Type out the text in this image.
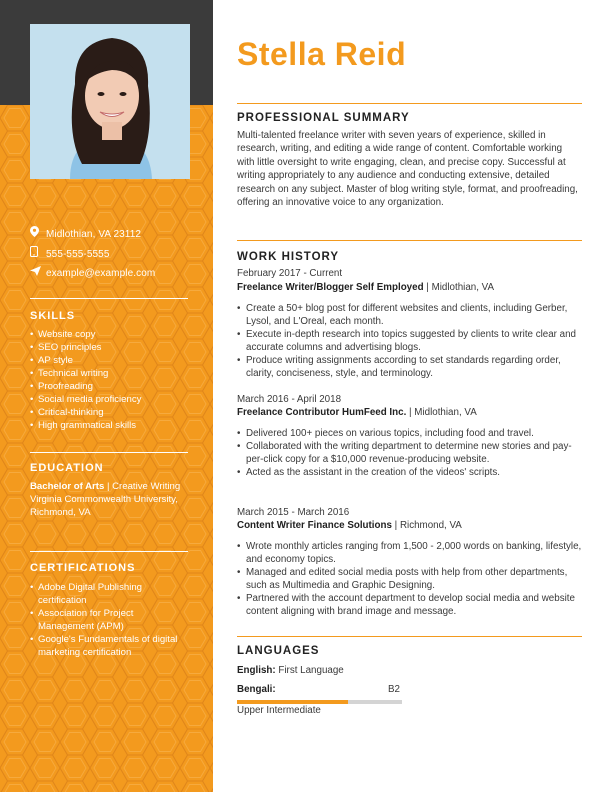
Midlothian, VA 23112
555-555-5555
example@example.com
SKILLS
• Website copy
• SEO principles
• AP style
• Technical writing
• Proofreading
• Social media proficiency
• Critical-thinking
• High grammatical skills
EDUCATION
Bachelor of Arts | Creative Writing
Virginia Commonwealth University, Richmond, VA
CERTIFICATIONS
• Adobe Digital Publishing certification
• Association for Project Management (APM)
• Google's Fundamentals of digital marketing certification
Stella Reid
PROFESSIONAL SUMMARY
Multi-talented freelance writer with seven years of experience, skilled in research, writing, and editing a wide range of content. Comfortable working with little oversight to write engaging, clean, and precise copy. Successful at writing appropriately to any audience and conducting extensive, detailed research on any subject. Master of blog writing style, format, and proofreading, offering an innovative voice to any organization.
WORK HISTORY
February 2017 - Current
Freelance Writer/Blogger Self Employed | Midlothian, VA
• Create a 50+ blog post for different websites and clients, including Gerber, Lysol, and L'Oreal, each month.
• Execute in-depth research into topics suggested by clients to write clear and accurate columns and advertising blogs.
• Produce writing assignments according to set standards regarding order, clarity, conciseness, style, and terminology.
March 2016 - April 2018
Freelance Contributor HumFeed Inc. | Midlothian, VA
• Delivered 100+ pieces on various topics, including food and travel.
• Collaborated with the writing department to determine new stories and pay-per-click copy for a $10,000 revenue-producing website.
• Acted as the assistant in the creation of the videos' scripts.
March 2015 - March 2016
Content Writer Finance Solutions | Richmond, VA
• Wrote monthly articles ranging from 1,500 - 2,000 words on banking, lifestyle, and economy topics.
• Managed and edited social media posts with help from other departments, such as Multimedia and Graphic Designing.
• Partnered with the account department to develop social media and website content aligning with brand image and message.
LANGUAGES
English: First Language
Bengali:	B2
Upper Intermediate
